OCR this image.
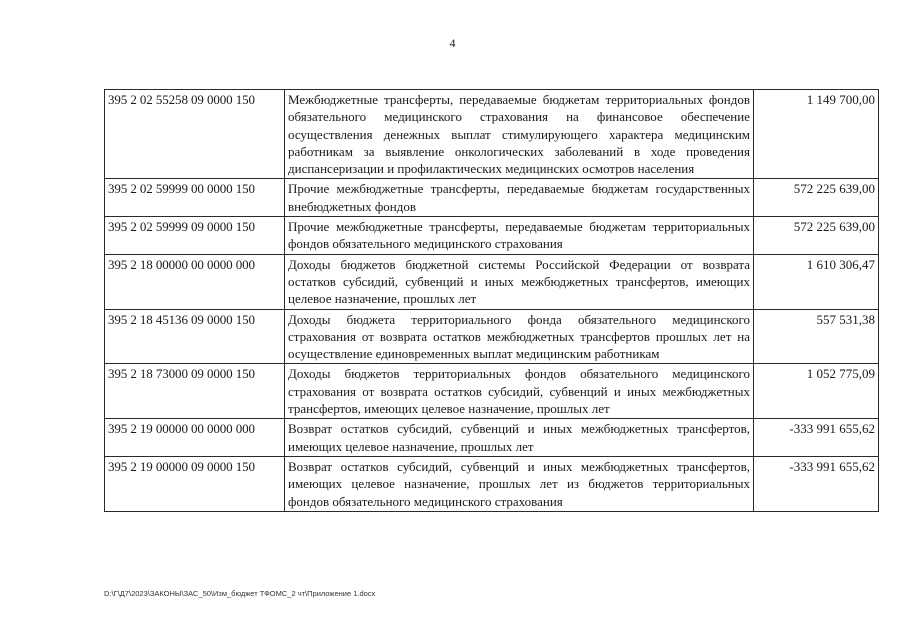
4
395 2 02 55258 09 0000 150	Межбюджетные трансферты, передаваемые бюджетам территориальных фондов обязательного медицинского страхования на финансовое обеспечение осуществления денежных выплат стимулирующего характера медицинским работникам за выявление онкологических заболеваний в ходе проведения диспансеризации и профилактических медицинских осмотров населения	1 149 700,00
395 2 02 59999 00 0000 150	Прочие межбюджетные трансферты, передаваемые бюджетам государственных внебюджетных фондов	572 225 639,00
395 2 02 59999 09 0000 150	Прочие межбюджетные трансферты, передаваемые бюджетам территориальных фондов обязательного медицинского страхования	572 225 639,00
395 2 18 00000 00 0000 000	Доходы бюджетов бюджетной системы Российской Федерации от возврата остатков субсидий, субвенций и иных межбюджетных трансфертов, имеющих целевое назначение, прошлых лет	1 610 306,47
395 2 18 45136 09 0000 150	Доходы бюджета территориального фонда обязательного медицинского страхования от возврата остатков межбюджетных трансфертов прошлых лет на осуществление единовременных выплат медицинским работникам	557 531,38
395 2 18 73000 09 0000 150	Доходы бюджетов территориальных фондов обязательного медицинского страхования от возврата остатков субсидий, субвенций и иных межбюджетных трансфертов, имеющих целевое назначение, прошлых лет	1 052 775,09
395 2 19 00000 00 0000 000	Возврат остатков субсидий, субвенций и иных межбюджетных трансфертов, имеющих целевое назначение, прошлых лет	-333 991 655,62
395 2 19 00000 09 0000 150	Возврат остатков субсидий, субвенций и иных межбюджетных трансфертов, имеющих целевое назначение, прошлых лет из бюджетов территориальных фондов обязательного медицинского страхования	-333 991 655,62
D:\Г\Д7\2023\ЗАКОНЫ\ЗАС_50\Изм_бюджет ТФОМС_2 чт\Приложение 1.docx
